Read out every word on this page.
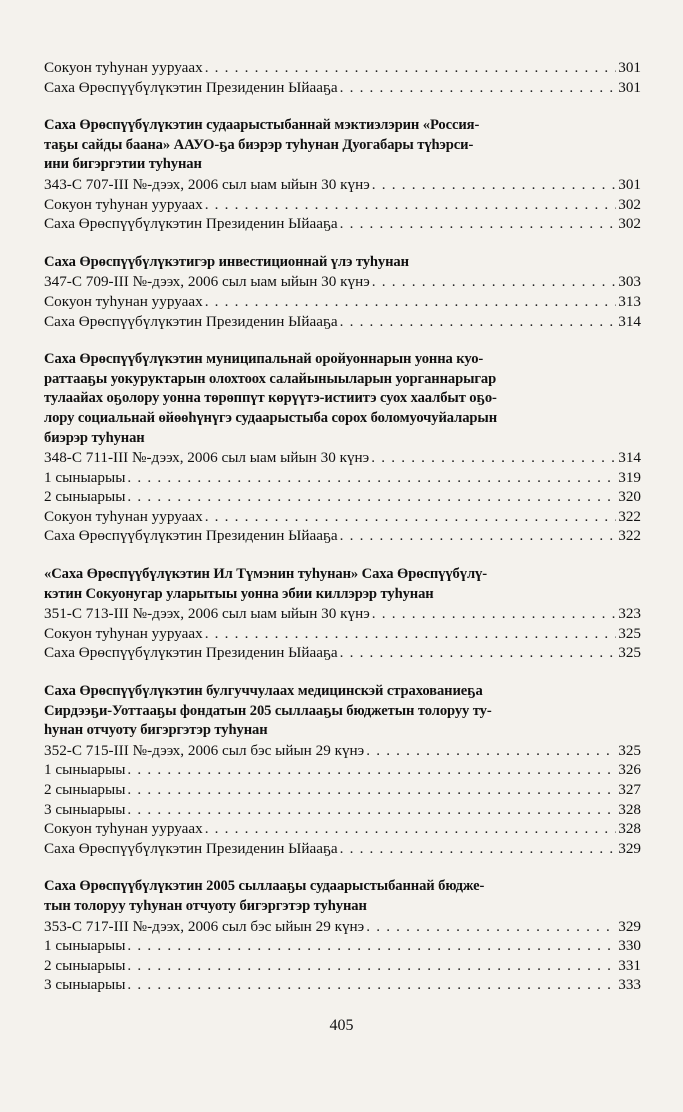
Сокуон туһунан ууруаах . . .	301
Саха Өрөспүүбүлүкэтин Президенин Ыйааҕа . . .	301
Саха Өрөспүүбүлүкэтин судаарыстыбаннай мэктиэлэрин «Россия-
таҕы сайды баана» ААУО-ҕа биэрэр туһунан Дуогабары түһэрси-
ини бигэргэтии туһунан
343-С 707-III №-дээх, 2006 сыл ыам ыйын 30 күнэ . . .	301
Сокуон туһунан ууруаах . . .	302
Саха Өрөспүүбүлүкэтин Президенин Ыйааҕа . . .	302
Саха Өрөспүүбүлүкэтигэр инвестиционнай үлэ туһунан
347-С 709-III №-дээх, 2006 сыл ыам ыйын 30 күнэ . . .	303
Сокуон туһунан ууруаах . . .	313
Саха Өрөспүүбүлүкэтин Президенин Ыйааҕа . . .	314
Саха Өрөспүүбүлүкэтин муниципальнай оройуоннарын уонна куо-
раттааҕы уокуруктарын олохтоох салайыныыларын уорганнарыгар
тулаайах оҕолору уонна төрөппүт көрүүтэ-истиитэ суох хаалбыт оҕо-
лору социальнай өйөөһүнүгэ судаарыстыба сорох боломуочуйаларын
биэрэр туһунан
348-С 711-III №-дээх, 2006 сыл ыам ыйын 30 күнэ . . .	314
1 сыныарыы . . .	319
2 сыныарыы . . .	320
Сокуон туһунан ууруаах . . .	322
Саха Өрөспүүбүлүкэтин Президенин Ыйааҕа . . .	322
«Саха Өрөспүүбүлүкэтин Ил Түмэнин туһунан» Саха Өрөспүүбүлү-
кэтин Сокуонугар уларытыы уонна эбии киллэрэр туһунан
351-С 713-III №-дээх, 2006 сыл ыам ыйын 30 күнэ . . .	323
Сокуон туһунан ууруаах . . .	325
Саха Өрөспүүбүлүкэтин Президенин Ыйааҕа . . .	325
Саха Өрөспүүбүлүкэтин булгуччулаах медицинскэй страхованиеҕа
Сирдээҕи-Уоттааҕы фондатын 205 сыллааҕы бюджетын толоруу ту-
һунан отчуоту бигэргэтэр туһунан
352-С 715-III №-дээх, 2006 сыл бэс ыйын 29 күнэ . . .	325
1 сыныарыы . . .	326
2 сыныарыы . . .	327
3 сыныарыы . . .	328
Сокуон туһунан ууруаах . . .	328
Саха Өрөспүүбүлүкэтин Президенин Ыйааҕа . . .	329
Саха Өрөспүүбүлүкэтин 2005 сыллааҕы судаарыстыбаннай бюдже-
тын толоруу туһунан отчуоту бигэргэтэр туһунан
353-С 717-III №-дээх, 2006 сыл бэс ыйын 29 күнэ . . .	329
1 сыныарыы . . .	330
2 сыныарыы . . .	331
3 сыныарыы . . .	333
405
